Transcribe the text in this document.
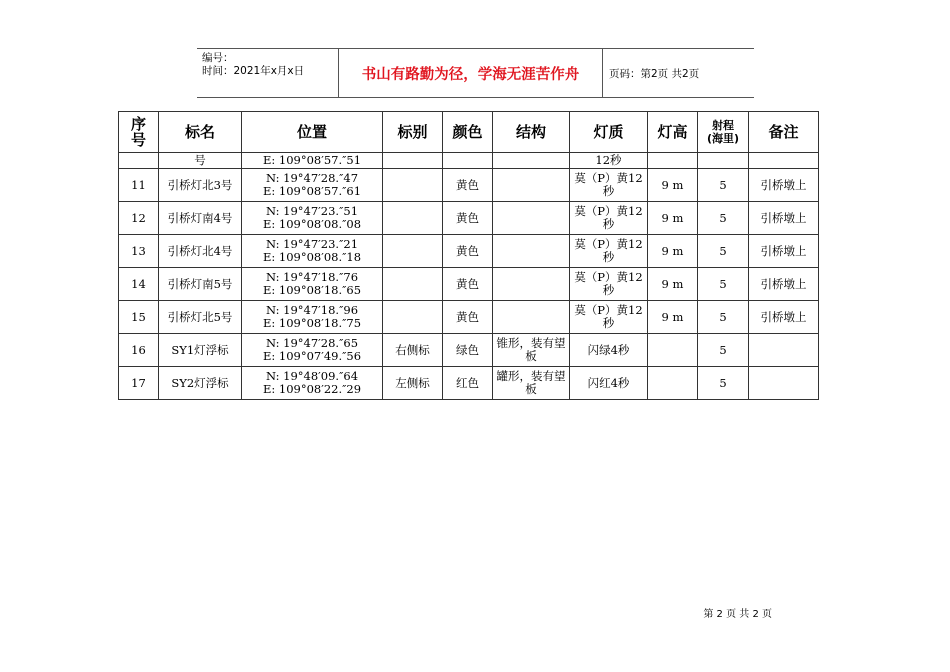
编号：
时间：2021年x月x日	书山有路勤为径，学海无涯苦作舟	页码：第2页 共2页
序号	标名	位置	标别	颜色	结构	灯质	灯高	射程(海里)	备注
	号	E: 109°08′57.″51				12秒			
11	引桥灯北3号	N: 19°47′28.″47
E: 109°08′57.″61		黄色		莫（P）黄12秒	9 m	5	引桥墩上
12	引桥灯南4号	N: 19°47′23.″51
E: 109°08′08.″08		黄色		莫（P）黄12秒	9 m	5	引桥墩上
13	引桥灯北4号	N: 19°47′23.″21
E: 109°08′08.″18		黄色		莫（P）黄12秒	9 m	5	引桥墩上
14	引桥灯南5号	N: 19°47′18.″76
E: 109°08′18.″65		黄色		莫（P）黄12秒	9 m	5	引桥墩上
15	引桥灯北5号	N: 19°47′18.″96
E: 109°08′18.″75		黄色		莫（P）黄12秒	9 m	5	引桥墩上
16	SY1灯浮标	N: 19°47′28.″65
E: 109°07′49.″56	右侧标	绿色	锥形，装有望板	闪绿4秒		5	
17	SY2灯浮标	N: 19°48′09.″64
E: 109°08′22.″29	左侧标	红色	罐形，装有望板	闪红4秒		5	
第 2 页 共 2 页
